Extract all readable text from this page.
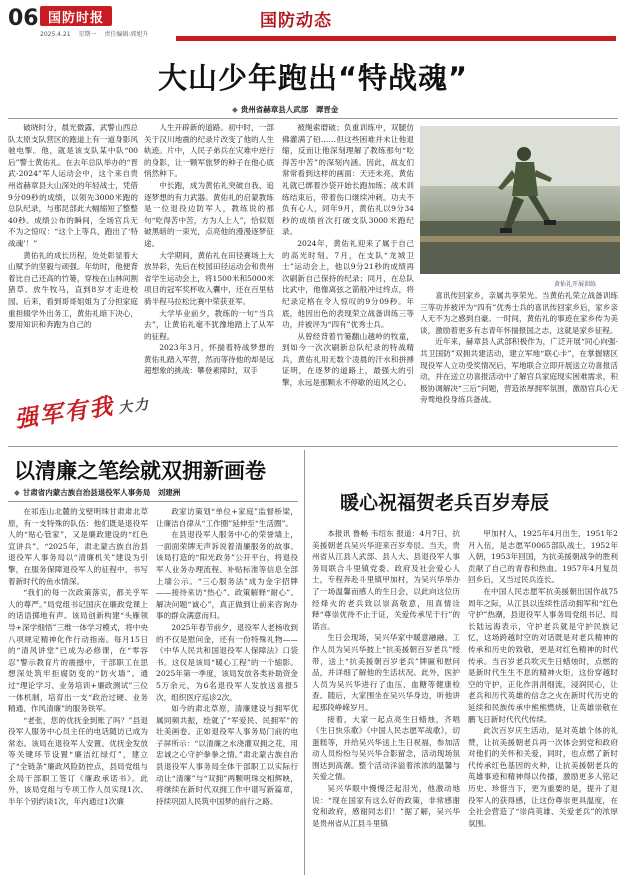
06 国防时报
2025.4.21 星期一 责任编辑:郭旭升
国防动态
大山少年跑出“特战魂”
◆ 贵州省赫章县人武部　谭晋金

破晓时分，晨光微露，武警山西总队太原支队营区的跑道上有一道身影风驰电掣。他，就是该支队某中队“00后”警士黄佑礼。在去年总队举办的“晋武-2024”军人运动会中，这个来自贵州省赫章县大山深处的年轻战士，凭借9分09秒的成绩，以领先3000米跑的总队纪录，与那昆部此大幅缩短了整整40秒。成绩公布的瞬间，全场官兵无不为之惊叹：“这个上等兵，跑出了‘特战魂’！”

黄佑礼的成长历程，处处彰显着大山赋予的坚毅与顽强。年幼时，他便背着比自己还高的竹篓，穿梭在山林间割猪草、放牛牧马，直到8岁才走进校园。后来，看到哥哥姐姐为了分担家庭重担辍学外出务工，黄佑礼暗下决心，要用知识和奔跑为自己的

人生开辟新的道路。初中时，一部关于汉川地震的纪录片改变了他的人生轨迹。片中，人民子弟兵在灾难中逆行的身影，让一颗军旅梦的种子在他心底悄然种下。

中长跑，成为黄佑礼突破自我、追逐梦想的有力武器。黄佑礼的启蒙教练是一位退役边防军人，教练说的那句“吃得苦中苦，方为人上人”，恰似划破黑暗的一束光，点亮他的漫漫逐梦征途。

大学期间，黄佑礼在田径赛场上大放异彩，先后在校园田径运动会和贵州省学生运动会上，将1500米和5000米项目的冠军奖杯收入囊中，还在百里枯骑半程马拉松比赛中荣获亚军。

大学毕业前夕，教练的一句“当兵去”，让黄佑礼毫不犹豫地踏上了从军的征程。

2023年3月，怀揣着特战梦想的黄佑礼踏入军营，然而等待他的却是远超想象的挑战：攀登素障时，双手

被绳索磨破；负重训练中，双腿仿佛灌满了铅……但这些困难并未让他退缩，反而让他深刻理解了教练那句“吃得苦中苦”的深刻内涵。因此，战友们常常看到这样的画面：天还未亮，黄佑礼就已绑着沙袋开始长跑加练；战术训练结束后，带着伤口继续冲刺。功夫不负有心人，同年9月，黄佑礼以9分34秒的成绩首次打破支队3000米跑纪录。

2024年，黄佑礼迎来了属于自己的高光时刻。7月，在支队“龙城卫士”运动会上，他以9分21秒的成绩再次刷新自己保持的纪录；同月，在总队比武中，他像离弦之箭般冲过终点，将纪录定格在令人惊叹的9分09秒。年底，他因出色的表现荣立战备训练三等功，并被评为“四有”优秀士兵。

从曾经背着竹篓翻山越岭的牧童，到如今一次次刷新总队纪录的特战精兵，黄佑礼用无数个凌晨的汗水和拼搏证明，在逐梦的道路上，最强大的引擎，永远是那颗永不停歇的追风之心。

黄佑礼开展训练

喜讯传回家乡，亲属共享荣光。当黄佑礼荣立战备训练三等功并被评为“四有”优秀士兵的喜讯传回家乡后，家乡亲人无不为之感到自豪。一时间，黄佑礼的事迹在家乡传为美谈，激励着更多有志青年怀揣报国之志，这就是家乡征程。

近年来，赫章县人武部积极作为，广泛开展“同心向强·共卫国防”双拥共建活动，建立军地“联心卡”，在掌握辖区现役军人立功受奖情况后，军地联合立即开展送立功喜报活动，并在送立功喜报活动中了解官兵家庭现实困难需求，积极协调解决“三后”问题，营造浓厚拥军氛围，激励官兵心无旁骛地投身练兵备战。

强军有我大力
以清廉之笔绘就双拥新画卷
◆ 甘肃省内蒙古族自治县退役军人事务局　刘建洲

在祁连山北麓的戈壁明珠甘肃肃北草原，有一支特殊的队伍：他们既是退役军人的“贴心管家”，又是廉政建设的“红色宣讲兵”。“2025年，肃北蒙古族自治县退役军人事务局以“清廉机关”建设为引擎，在服务保障退役军人的征程中，书写着新时代的鱼水情深。

“我们的每一次政策落实，都关乎军人的尊严。”局党组书记国庆在廉政党课上的话语掷地有声。该局创新构建“头雁领导+深学细悟”三维一体学习模式，将中央八项规定精神化作行动指南。每月15日的“清风讲堂”已成为必修课，在“零容忍”警示教育片的震撼中，干部职工在思想深处筑牢拒腐防变的“防火墙”。通过“理论学习、业务培训+廉政测试”三位一体机制，培育出一支“政治过硬、业务精通、作风清廉”的服务铁军。

“老张，您的优抚金到账了吗？”县退役军人服务中心员主任的电话随访已成为常态。该局在退役军人安置、优抚金发放等关键环节设置“廉洁红绿灯”，建立了“全链条”廉政风险防控点，县局党组与全局干部职工签订《廉政承诺书》。此外，该局党组与专项工作人员实现1次、半年个别约谈1次，年内通过1次廉

政家访策划“单位+家庭”监督桥梁，让廉洁自律从“工作圈”延伸至“生活圈”。

在县退役军人服务中心的荣誉墙上，一面面荣牌无声诉说着清廉服务的故事。该局打造的“阳光政务”公开平台，将退役军人业务办理流程、补贴标准等信息全部上墙公示。“三心服务法”成为金字招牌——接待来访“热心”、政策解释“耐心”、解决问题“诚心”，真正做到让前来咨询办事的群众满意而归。

2025年春节前夕，退役军人老杨收到的不仅是慰问金，还有一份特殊礼物——《中华人民共和国退役军人保障法》口袋书。这仅是该局“暖心工程”的一个缩影。2025年第一季度，该局发放各类补助资金5万余元，为6名退役军人发放送喜报5次，组织医疗巡诊2次。

如今的肃北草原，清廉建设与拥军优属同频共振，绘就了“军爱民、民拥军”的壮美画卷。正如退役军人事务局门前的电子屏所示：“以清廉之水浇灌双拥之花，用忠诚之心守护拳拳之情。”肃北蒙古族自治县退役军人事务局全体干部职工以实际行动让“清廉”与“双拥”两颗明珠交相辉映，将继续在新时代双拥工作中谱写新篇章，持续巩固人民筑中国梦的前行之路。

暖心祝福贺老兵百岁寿辰

本报讯 鲁畅 韦绍东 报道：4月7日，抗美援朝老兵吴兴华迎来百岁寿辰。当天，贵州省从江县人武部、县人大、县退役军人事务局联合斗里镇党委、政府及社会爱心人士，专程奔赴斗里镇甲加村，为吴兴华举办了一场温馨而感人的生日会，以此向这位历经烽火的老兵致以崇高敬意，用真情诠释“尊崇优待不止于证，关爱传承见于行”的诺言。

生日会现场，吴兴华家中暖意融融。工作人员为吴兴华披上“抗美援朝百岁老兵”绶带，送上“抗美援朝百岁老兵”牌匾和慰问品，并详细了解他的生活状况。此外，医护人员为吴兴华进行了血压、血糖等健康检查。随后，大家围坐在吴兴华身边，听他讲起那段峥嵘岁月。

接着，大家一起点亮生日蜡烛，齐唱《生日快乐歌》《中国人民志愿军战歌》，切蛋糕等，并给吴兴华送上生日祝福，参加活动人员纷纷与吴兴华合影留念，活动现场氛围达到高潮。整个活动洋溢着浓浓的温馨与关爱之情。

吴兴华眼中慢慢泛起泪光，他激动地说：“现在国家有这么好的政策，非常感谢党和政府，感谢同志们！”据了解，吴兴华是贵州省从江县斗里镇

甲加村人，1925年4月出生，1951年2月入伍，是志愿军0065部队战士，1952年入朝，1953年回国，为抗美援朝战争的胜利贡献了自己的青春和热血。1957年4月复员回乡后，又当过民兵连长。

在中国人民志愿军抗美援朝出国作战75周年之际，从江县以连续性活动拥军和“红色守护”热潮，县退役军人事务局党组书记、局长陆远海表示，守护老兵就是守护民族记忆，这场跨越时空的对话既是对老兵精神的传承和历史的致敬，更是对红色精神的时代传承。当百岁老兵吹灭生日蜡烛时，点燃的是新时代生生不息的精神火炬，这份穿越时空的守护，正化作涓涓细流，浸润民心，让老兵和历代英雄的信念之火在新时代历史的延续和民族传承中熊熊燃烧，让英雄崇敬在鹏飞日新时代代代传续。

此次百岁庆生活动，是对英雄个体的礼赞，让抗美援朝老兵再一次体会到党和政府对他们的关怀和关爱，同时，也点燃了新时代传承红色基因的火种，让抗美援朝老兵的英雄事迹和精神得以传播，激励更多人铭记历史、珍惜当下，更为重要的是，提升了退役军人的获得感，让这份尊崇更具温度，在全社会营造了“崇尚英雄、关爱老兵”的浓厚氛围。
